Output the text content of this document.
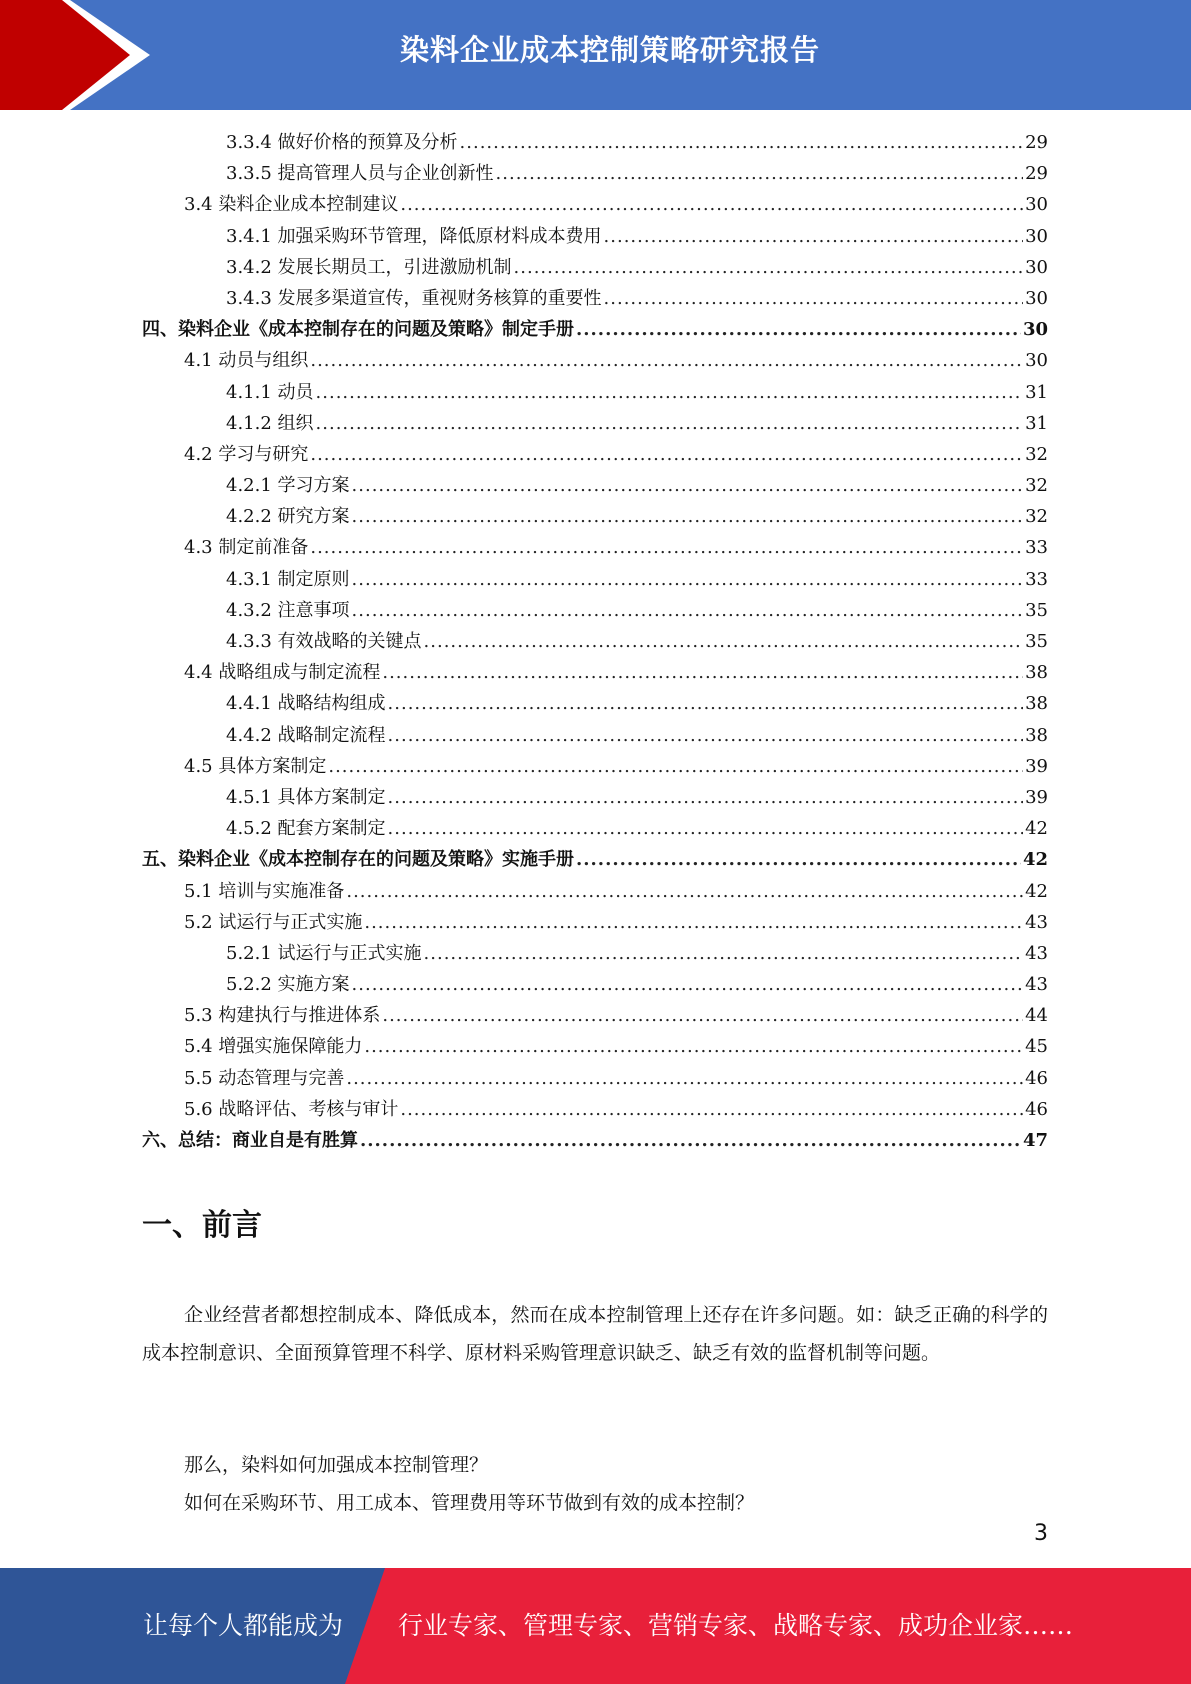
染料企业成本控制策略研究报告
3.3.4 做好价格的预算及分析 .....	29
3.3.5 提高管理人员与企业创新性 .....	29
3.4 染料企业成本控制建议 .....	30
3.4.1 加强采购环节管理，降低原材料成本费用 .....	30
3.4.2 发展长期员工，引进激励机制 .....	30
3.4.3 发展多渠道宣传，重视财务核算的重要性 .....	30
四、染料企业《成本控制存在的问题及策略》制定手册 .....	30
4.1 动员与组织 .....	30
4.1.1 动员 .....	31
4.1.2 组织 .....	31
4.2 学习与研究 .....	32
4.2.1 学习方案 .....	32
4.2.2 研究方案 .....	32
4.3 制定前准备 .....	33
4.3.1 制定原则 .....	33
4.3.2 注意事项 .....	35
4.3.3 有效战略的关键点 .....	35
4.4 战略组成与制定流程 .....	38
4.4.1 战略结构组成 .....	38
4.4.2 战略制定流程 .....	38
4.5 具体方案制定 .....	39
4.5.1 具体方案制定 .....	39
4.5.2 配套方案制定 .....	42
五、染料企业《成本控制存在的问题及策略》实施手册 .....	42
5.1 培训与实施准备 .....	42
5.2 试运行与正式实施 .....	43
5.2.1 试运行与正式实施 .....	43
5.2.2 实施方案 .....	43
5.3 构建执行与推进体系 .....	44
5.4 增强实施保障能力 .....	45
5.5 动态管理与完善 .....	46
5.6 战略评估、考核与审计 .....	46
六、总结：商业自是有胜算 .....	47
一、前言
企业经营者都想控制成本、降低成本，然而在成本控制管理上还存在许多问题。如：缺乏正确的科学的成本控制意识、全面预算管理不科学、原材料采购管理意识缺乏、缺乏有效的监督机制等问题。
那么，染料如何加强成本控制管理？
如何在采购环节、用工成本、管理费用等环节做到有效的成本控制？
3
让每个人都能成为 行业专家、管理专家、营销专家、战略专家、成功企业家……
